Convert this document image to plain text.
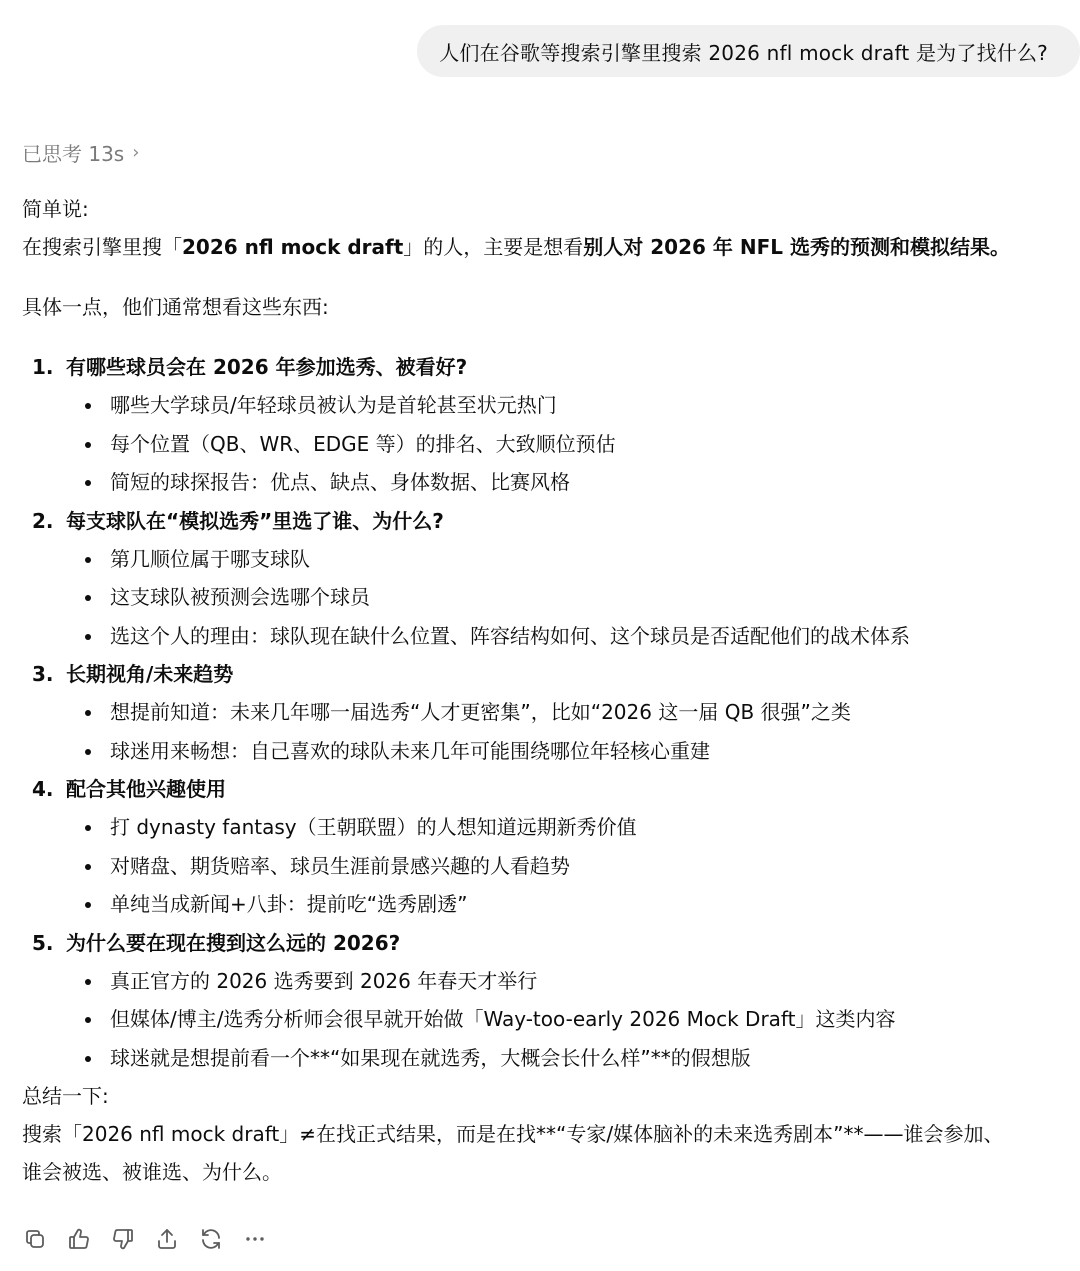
人们在谷歌等搜索引擎里搜索 2026 nfl mock draft 是为了找什么?
已思考 13s ›
简单说:
在搜索引擎里搜「2026 nfl mock draft」的人，主要是想看别人对 2026 年 NFL 选秀的预测和模拟结果。
具体一点，他们通常想看这些东西:
1. 有哪些球员会在 2026 年参加选秀、被看好?
哪些大学球员/年轻球员被认为是首轮甚至状元热门
每个位置（QB、WR、EDGE 等）的排名、大致顺位预估
简短的球探报告：优点、缺点、身体数据、比赛风格
2. 每支球队在“模拟选秀”里选了谁、为什么?
第几顺位属于哪支球队
这支球队被预测会选哪个球员
选这个人的理由：球队现在缺什么位置、阵容结构如何、这个球员是否适配他们的战术体系
3. 长期视角/未来趋势
想提前知道：未来几年哪一届选秀“人才更密集”，比如“2026 这一届 QB 很强”之类
球迷用来畅想：自己喜欢的球队未来几年可能围绕哪位年轻核心重建
4. 配合其他兴趣使用
打 dynasty fantasy（王朝联盟）的人想知道远期新秀价值
对赌盘、期货赔率、球员生涯前景感兴趣的人看趋势
单纯当成新闻+八卦：提前吃“选秀剧透”
5. 为什么要在现在搜到这么远的 2026?
真正官方的 2026 选秀要到 2026 年春天才举行
但媒体/博主/选秀分析师会很早就开始做「Way-too-early 2026 Mock Draft」这类内容
球迷就是想提前看一个**“如果现在就选秀，大概会长什么样”**的假想版
总结一下:
搜索「2026 nfl mock draft」≠在找正式结果，而是在找**“专家/媒体脑补的未来选秀剧本”**——谁会参加、
谁会被选、被谁选、为什么。
